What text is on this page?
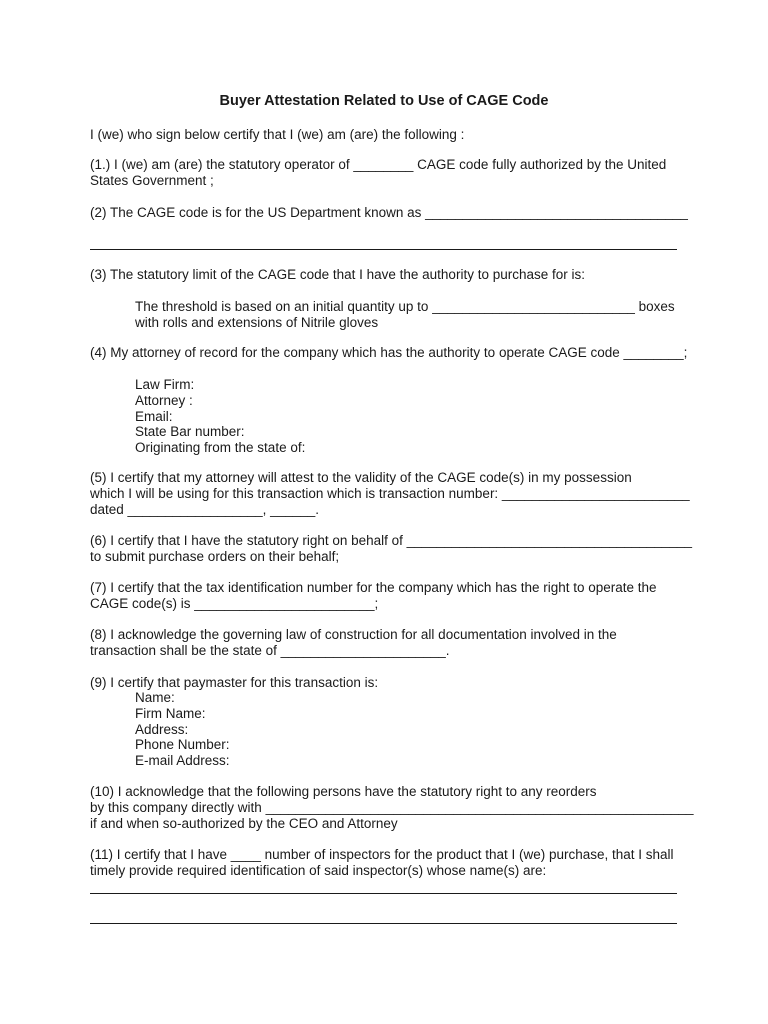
Buyer Attestation Related to Use of CAGE Code

I (we) who sign below certify that I (we) am (are) the following :

(1.) I (we) am (are) the statutory operator of ________ CAGE code fully authorized by the United
States Government ;

(2) The CAGE code is for the US Department known as ___________________________________

(3) The statutory limit of the CAGE code that I have the authority to purchase for is:

The threshold is based on an initial quantity up to ___________________________ boxes
with rolls and extensions of Nitrile gloves

(4) My attorney of record for the company which has the authority to operate CAGE code ________;

Law Firm:
Attorney :
Email:
State Bar number:
Originating from the state of:

(5) I certify that my attorney will attest to the validity of the CAGE code(s) in my possession
which I will be using for this transaction which is transaction number: _________________________
dated __________________, ______.

(6) I certify that I have the statutory right on behalf of ______________________________________
to submit purchase orders on their behalf;

(7) I certify that the tax identification number for the company which has the right to operate the
CAGE code(s) is ________________________;

(8) I acknowledge the governing law of construction for all documentation involved in the
transaction shall be the state of ______________________.

(9) I certify that paymaster for this transaction is:

Name:
Firm Name:
Address:
Phone Number:
E-mail Address:

(10) I acknowledge that the following persons have the statutory right to any reorders
by this company directly with _________________________________________________________
if and when so-authorized by the CEO and Attorney

(11) I certify that I have ____ number of inspectors for the product that I (we) purchase, that I shall
timely provide required identification of said inspector(s) whose name(s) are:
